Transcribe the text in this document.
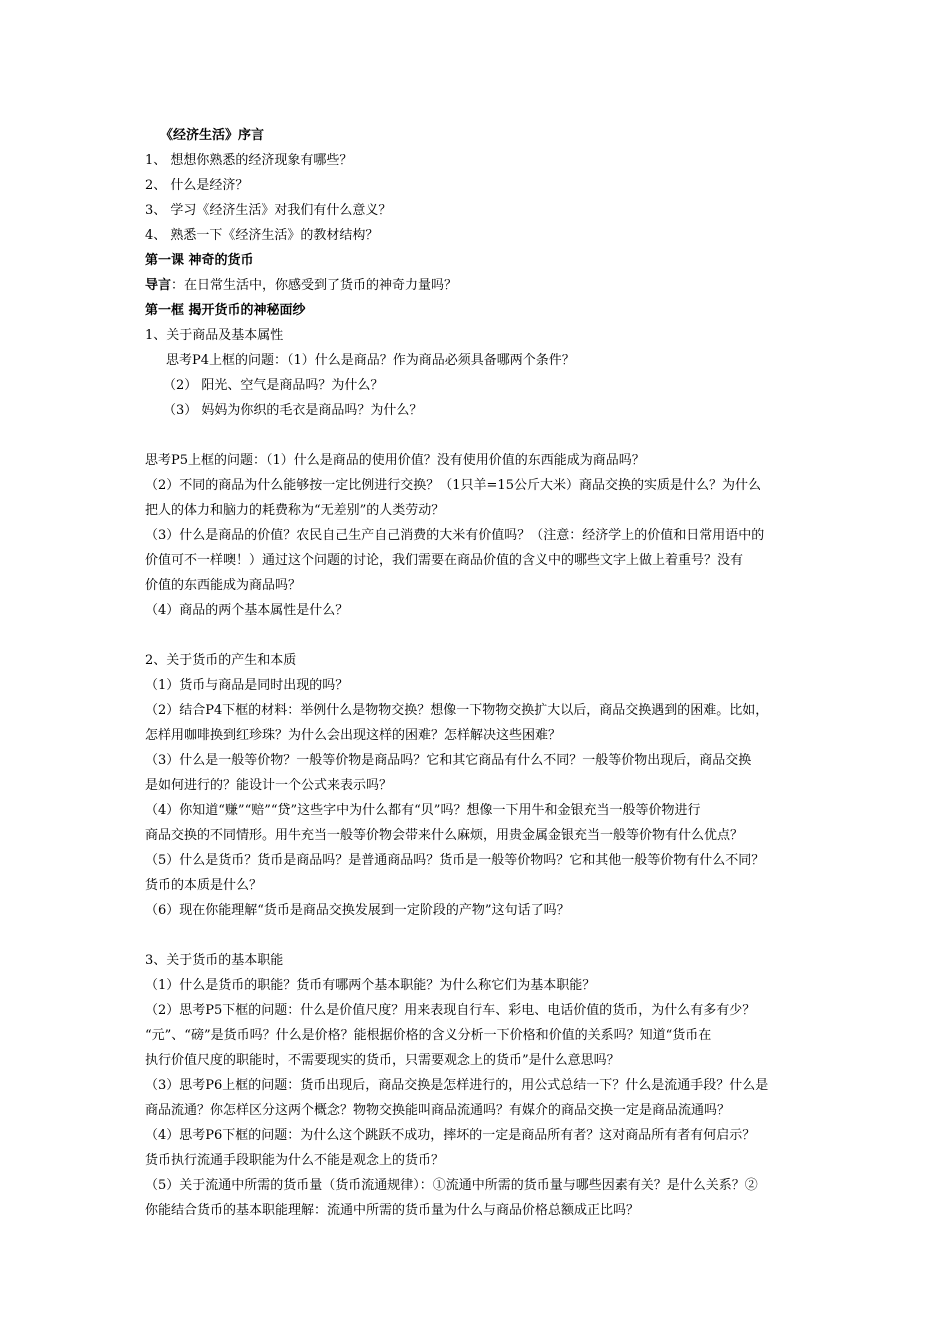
《经济生活》序言
1、 想想你熟悉的经济现象有哪些？
2、 什么是经济？
3、 学习《经济生活》对我们有什么意义？
4、 熟悉一下《经济生活》的教材结构？
第一课 神奇的货币
导言：在日常生活中，你感受到了货币的神奇力量吗？
第一框 揭开货币的神秘面纱
1、关于商品及基本属性
思考P4上框的问题：（1）什么是商品？作为商品必须具备哪两个条件？
（2） 阳光、空气是商品吗？为什么？
（3） 妈妈为你织的毛衣是商品吗？为什么？
思考P5上框的问题：（1）什么是商品的使用价值？没有使用价值的东西能成为商品吗？
（2）不同的商品为什么能够按一定比例进行交换？（1只羊=15公斤大米）商品交换的实质是什么？为什么
把人的体力和脑力的耗费称为“无差别”的人类劳动？
（3）什么是商品的价值？农民自己生产自己消费的大米有价值吗？（注意：经济学上的价值和日常用语中的
价值可不一样噢！）通过这个问题的讨论，我们需要在商品价值的含义中的哪些文字上做上着重号？没有
价值的东西能成为商品吗？
（4）商品的两个基本属性是什么？
2、关于货币的产生和本质
（1）货币与商品是同时出现的吗？
（2）结合P4下框的材料：举例什么是物物交换？想像一下物物交换扩大以后，商品交换遇到的困难。比如，
怎样用咖啡换到红珍珠？为什么会出现这样的困难？怎样解决这些困难？
（3）什么是一般等价物？一般等价物是商品吗？它和其它商品有什么不同？一般等价物出现后，商品交换
是如何进行的？能设计一个公式来表示吗？
（4）你知道“赚”“赔”“贷”这些字中为什么都有“贝”吗？想像一下用牛和金银充当一般等价物进行
商品交换的不同情形。用牛充当一般等价物会带来什么麻烦，用贵金属金银充当一般等价物有什么优点？
（5）什么是货币？货币是商品吗？是普通商品吗？货币是一般等价物吗？它和其他一般等价物有什么不同？
货币的本质是什么？
（6）现在你能理解“货币是商品交换发展到一定阶段的产物”这句话了吗？
3、关于货币的基本职能
（1）什么是货币的职能？货币有哪两个基本职能？为什么称它们为基本职能？
（2）思考P5下框的问题：什么是价值尺度？用来表现自行车、彩电、电话价值的货币，为什么有多有少？
“元”、“磅”是货币吗？什么是价格？能根据价格的含义分析一下价格和价值的关系吗？知道“货币在
执行价值尺度的职能时，不需要现实的货币，只需要观念上的货币”是什么意思吗？
（3）思考P6上框的问题：货币出现后，商品交换是怎样进行的，用公式总结一下？什么是流通手段？什么是
商品流通？你怎样区分这两个概念？物物交换能叫商品流通吗？有媒介的商品交换一定是商品流通吗？
（4）思考P6下框的问题：为什么这个跳跃不成功，摔坏的一定是商品所有者？这对商品所有者有何启示？
货币执行流通手段职能为什么不能是观念上的货币？
（5）关于流通中所需的货币量（货币流通规律）：①流通中所需的货币量与哪些因素有关？是什么关系？②
你能结合货币的基本职能理解：流通中所需的货币量为什么与商品价格总额成正比吗？
